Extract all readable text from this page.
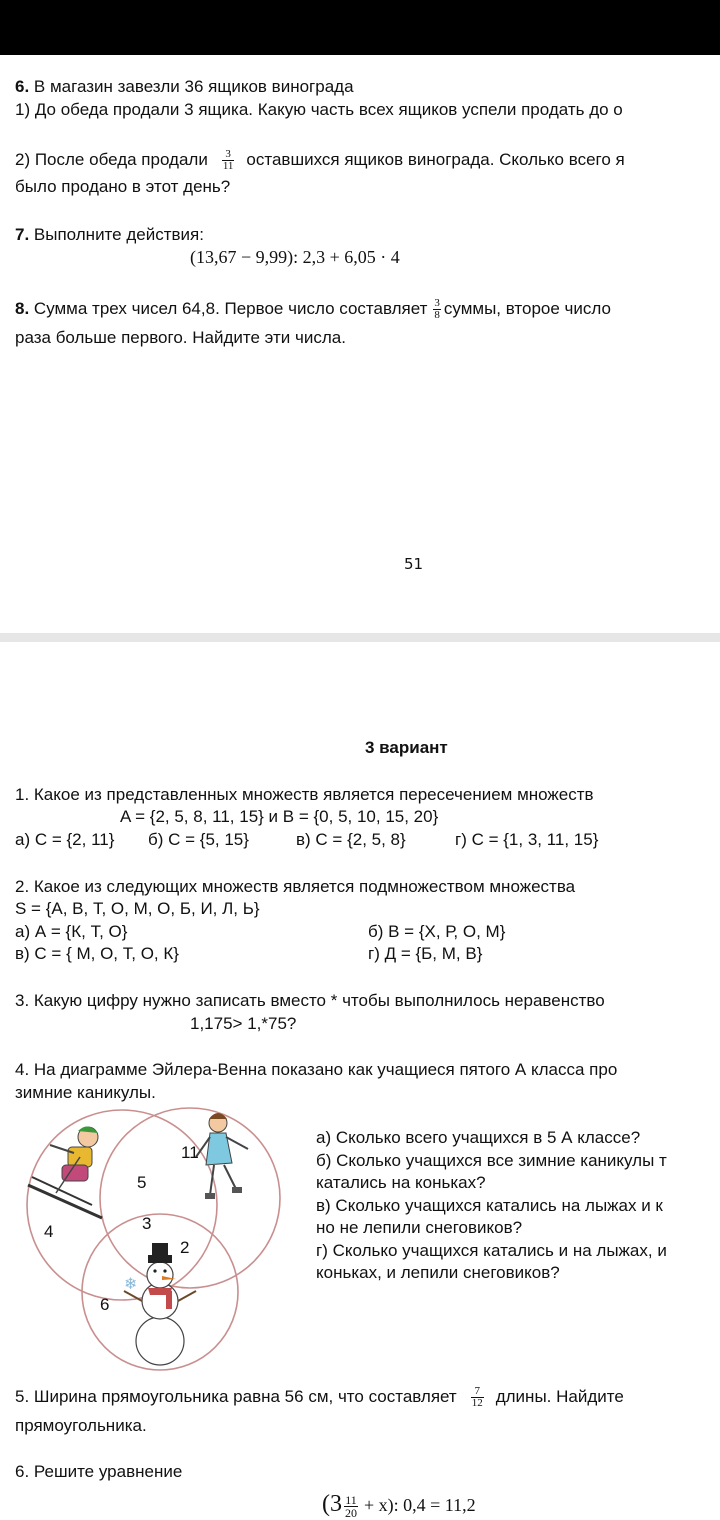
6. В магазин завезли 36 ящиков винограда
1) До обеда продали 3 ящика. Какую часть всех ящиков успели продать до о
2) После обеда продали $\frac{3}{11}$ оставшихся ящиков винограда. Сколько всего я
было продано в этот день?
7. Выполните действия:
(13,67 − 9,99): 2,3 + 6,05 · 4
8. Сумма трех чисел 64,8. Первое число составляет $\frac{3}{8}$ суммы, второе число
раза больше первого. Найдите эти числа.
51
3 вариант
1. Какое из представленных множеств является пересечением множеств
A = {2, 5, 8, 11, 15} и В = {0, 5, 10, 15, 20}
а) С = {2, 11} б) С = {5, 15}	в) С = {2, 5, 8}	г) С = {1, 3, 11, 15}
2. Какое из следующих множеств является подмножеством множества
S = {А, В, Т, О, М, О, Б, И, Л, Ь}
а) А = {К, Т, О}	б) В = {Х, Р, О, М}
в) С = { М, О, Т, О, К}	г) Д = {Б, М, В}
3. Какую цифру нужно записать вместо * чтобы выполнилось неравенство
1,175> 1,*75?
4. На диаграмме Эйлера-Венна показано как учащиеся пятого А класса про
зимние каникулы.
❄
11
5
3
4
2
6
а) Сколько всего учащихся в 5 А классе?
б) Сколько учащихся все зимние каникулы т
катались на коньках?
в) Сколько учащихся катались на лыжах и к
но не лепили снеговиков?
г) Сколько учащихся катались и на лыжах, и
коньках, и лепили снеговиков?
5. Ширина прямоугольника равна 56 см, что составляет $\frac{7}{12}$ длины. Найдите
прямоугольника.
6. Решите уравнение
$(3 \frac{11}{20} + x)$: 0,4 = 11,2
